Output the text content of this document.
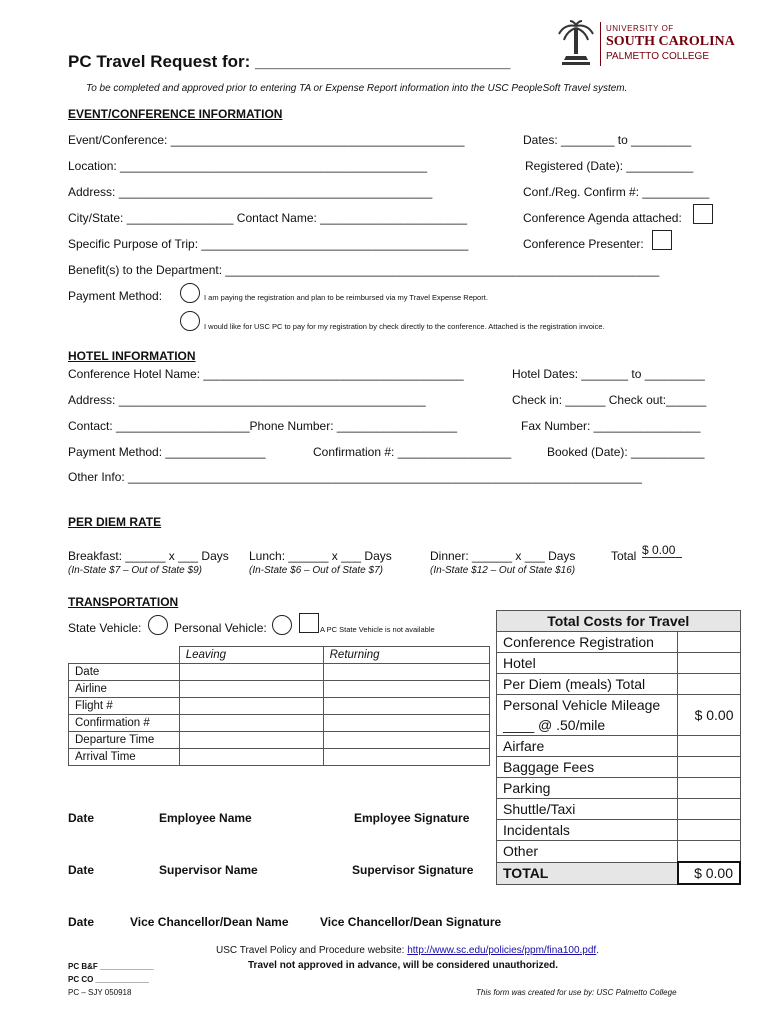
PC Travel Request for: ___________________________
To be completed and approved prior to entering TA or Expense Report information into the USC PeopleSoft Travel system.
UNIVERSITY OF
SOUTH CAROLINA
PALMETTO COLLEGE
EVENT/CONFERENCE INFORMATION
Event/Conference: ____________________________________________	Dates: ________ to _________
Location: ______________________________________________	Registered (Date): __________
Address: _______________________________________________	Conf./Reg. Confirm #: __________
City/State: ________________ Contact Name: ______________________	Conference Agenda attached:
Specific Purpose of Trip: ________________________________________	Conference Presenter:
Benefit(s) to the Department: _________________________________________________________________
Payment Method:	I am paying the registration and plan to be reimbursed via my Travel Expense Report.
I would like for USC PC to pay for my registration by check directly to the conference. Attached is the registration invoice.
HOTEL INFORMATION
Conference Hotel Name: _______________________________________	Hotel Dates: _______ to _________
Address: ______________________________________________	Check in: ______ Check out:______
Contact: ____________________Phone Number: __________________	Fax Number: ________________
Payment Method: _______________	Confirmation #: _________________	Booked (Date): ___________
Other Info: _____________________________________________________________________________
PER DIEM RATE
Breakfast: ______ x ___ Days
(In-State $7 – Out of State $9)
Lunch: ______ x ___ Days
(In-State $6 – Out of State $7)
Dinner: ______ x ___ Days
(In-State $12 – Out of State $16)
Total $ 0.00
TRANSPORTATION
State Vehicle:	Personal Vehicle:	A PC State Vehicle is not available
	Leaving	Returning
Date		
Airline		
Flight #		
Confirmation #		
Departure Time		
Arrival Time		
Total Costs for Travel	
Conference Registration	
Hotel	
Per Diem (meals) Total	

Personal Vehicle Mileage
____ @ .50/mile	$ 0.00
Airfare	
Baggage Fees	
Parking	
Shuttle/Taxi	
Incidentals	
Other	
TOTAL	$ 0.00
Date	Employee Name	Employee Signature
Date	Supervisor Name	Supervisor Signature
Date	Vice Chancellor/Dean Name	Vice Chancellor/Dean Signature
USC Travel Policy and Procedure website: http://www.sc.edu/policies/ppm/fina100.pdf.
Travel not approved in advance, will be considered unauthorized.
PC B&F ____________
PC CO ____________
PC – SJY 050918	This form was created for use by: USC Palmetto College
